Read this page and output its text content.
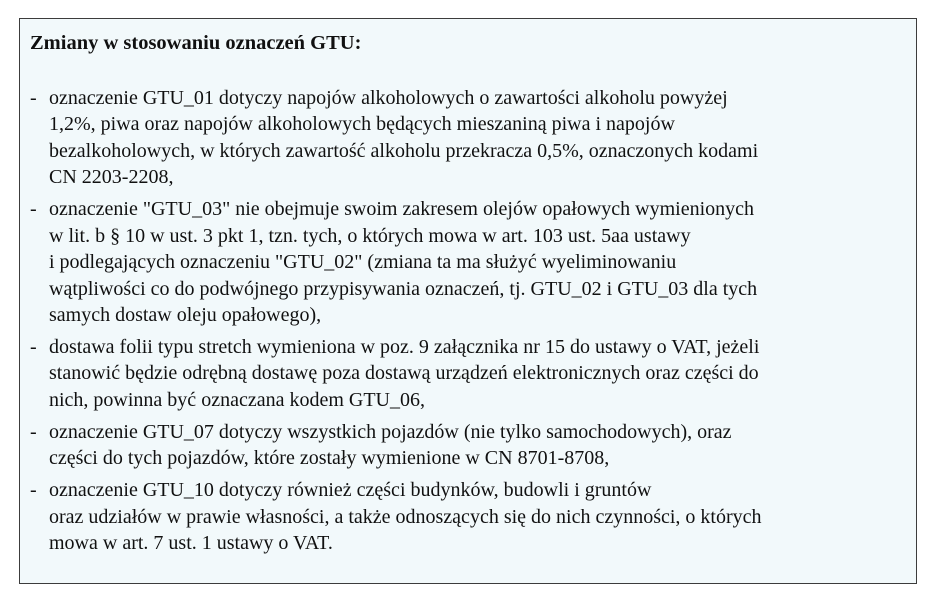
Zmiany w stosowaniu oznaczeń GTU:
- oznaczenie GTU_01 dotyczy napojów alkoholowych o zawartości alkoholu powyżej
1,2%, piwa oraz napojów alkoholowych będących mieszaniną piwa i napojów
bezalkoholowych, w których zawartość alkoholu przekracza 0,5%, oznaczonych kodami
CN 2203-2208,
- oznaczenie "GTU_03" nie obejmuje swoim zakresem olejów opałowych wymienionych
w lit. b § 10 w ust. 3 pkt 1, tzn. tych, o których mowa w art. 103 ust. 5aa ustawy
i podlegających oznaczeniu "GTU_02" (zmiana ta ma służyć wyeliminowaniu
wątpliwości co do podwójnego przypisywania oznaczeń, tj. GTU_02 i GTU_03 dla tych
samych dostaw oleju opałowego),
- dostawa folii typu stretch wymieniona w poz. 9 załącznika nr 15 do ustawy o VAT, jeżeli
stanowić będzie odrębną dostawę poza dostawą urządzeń elektronicznych oraz części do
nich, powinna być oznaczana kodem GTU_06,
- oznaczenie GTU_07 dotyczy wszystkich pojazdów (nie tylko samochodowych), oraz
części do tych pojazdów, które zostały wymienione w CN 8701-8708,
- oznaczenie GTU_10 dotyczy również części budynków, budowli i gruntów
oraz udziałów w prawie własności, a także odnoszących się do nich czynności, o których
mowa w art. 7 ust. 1 ustawy o VAT.
